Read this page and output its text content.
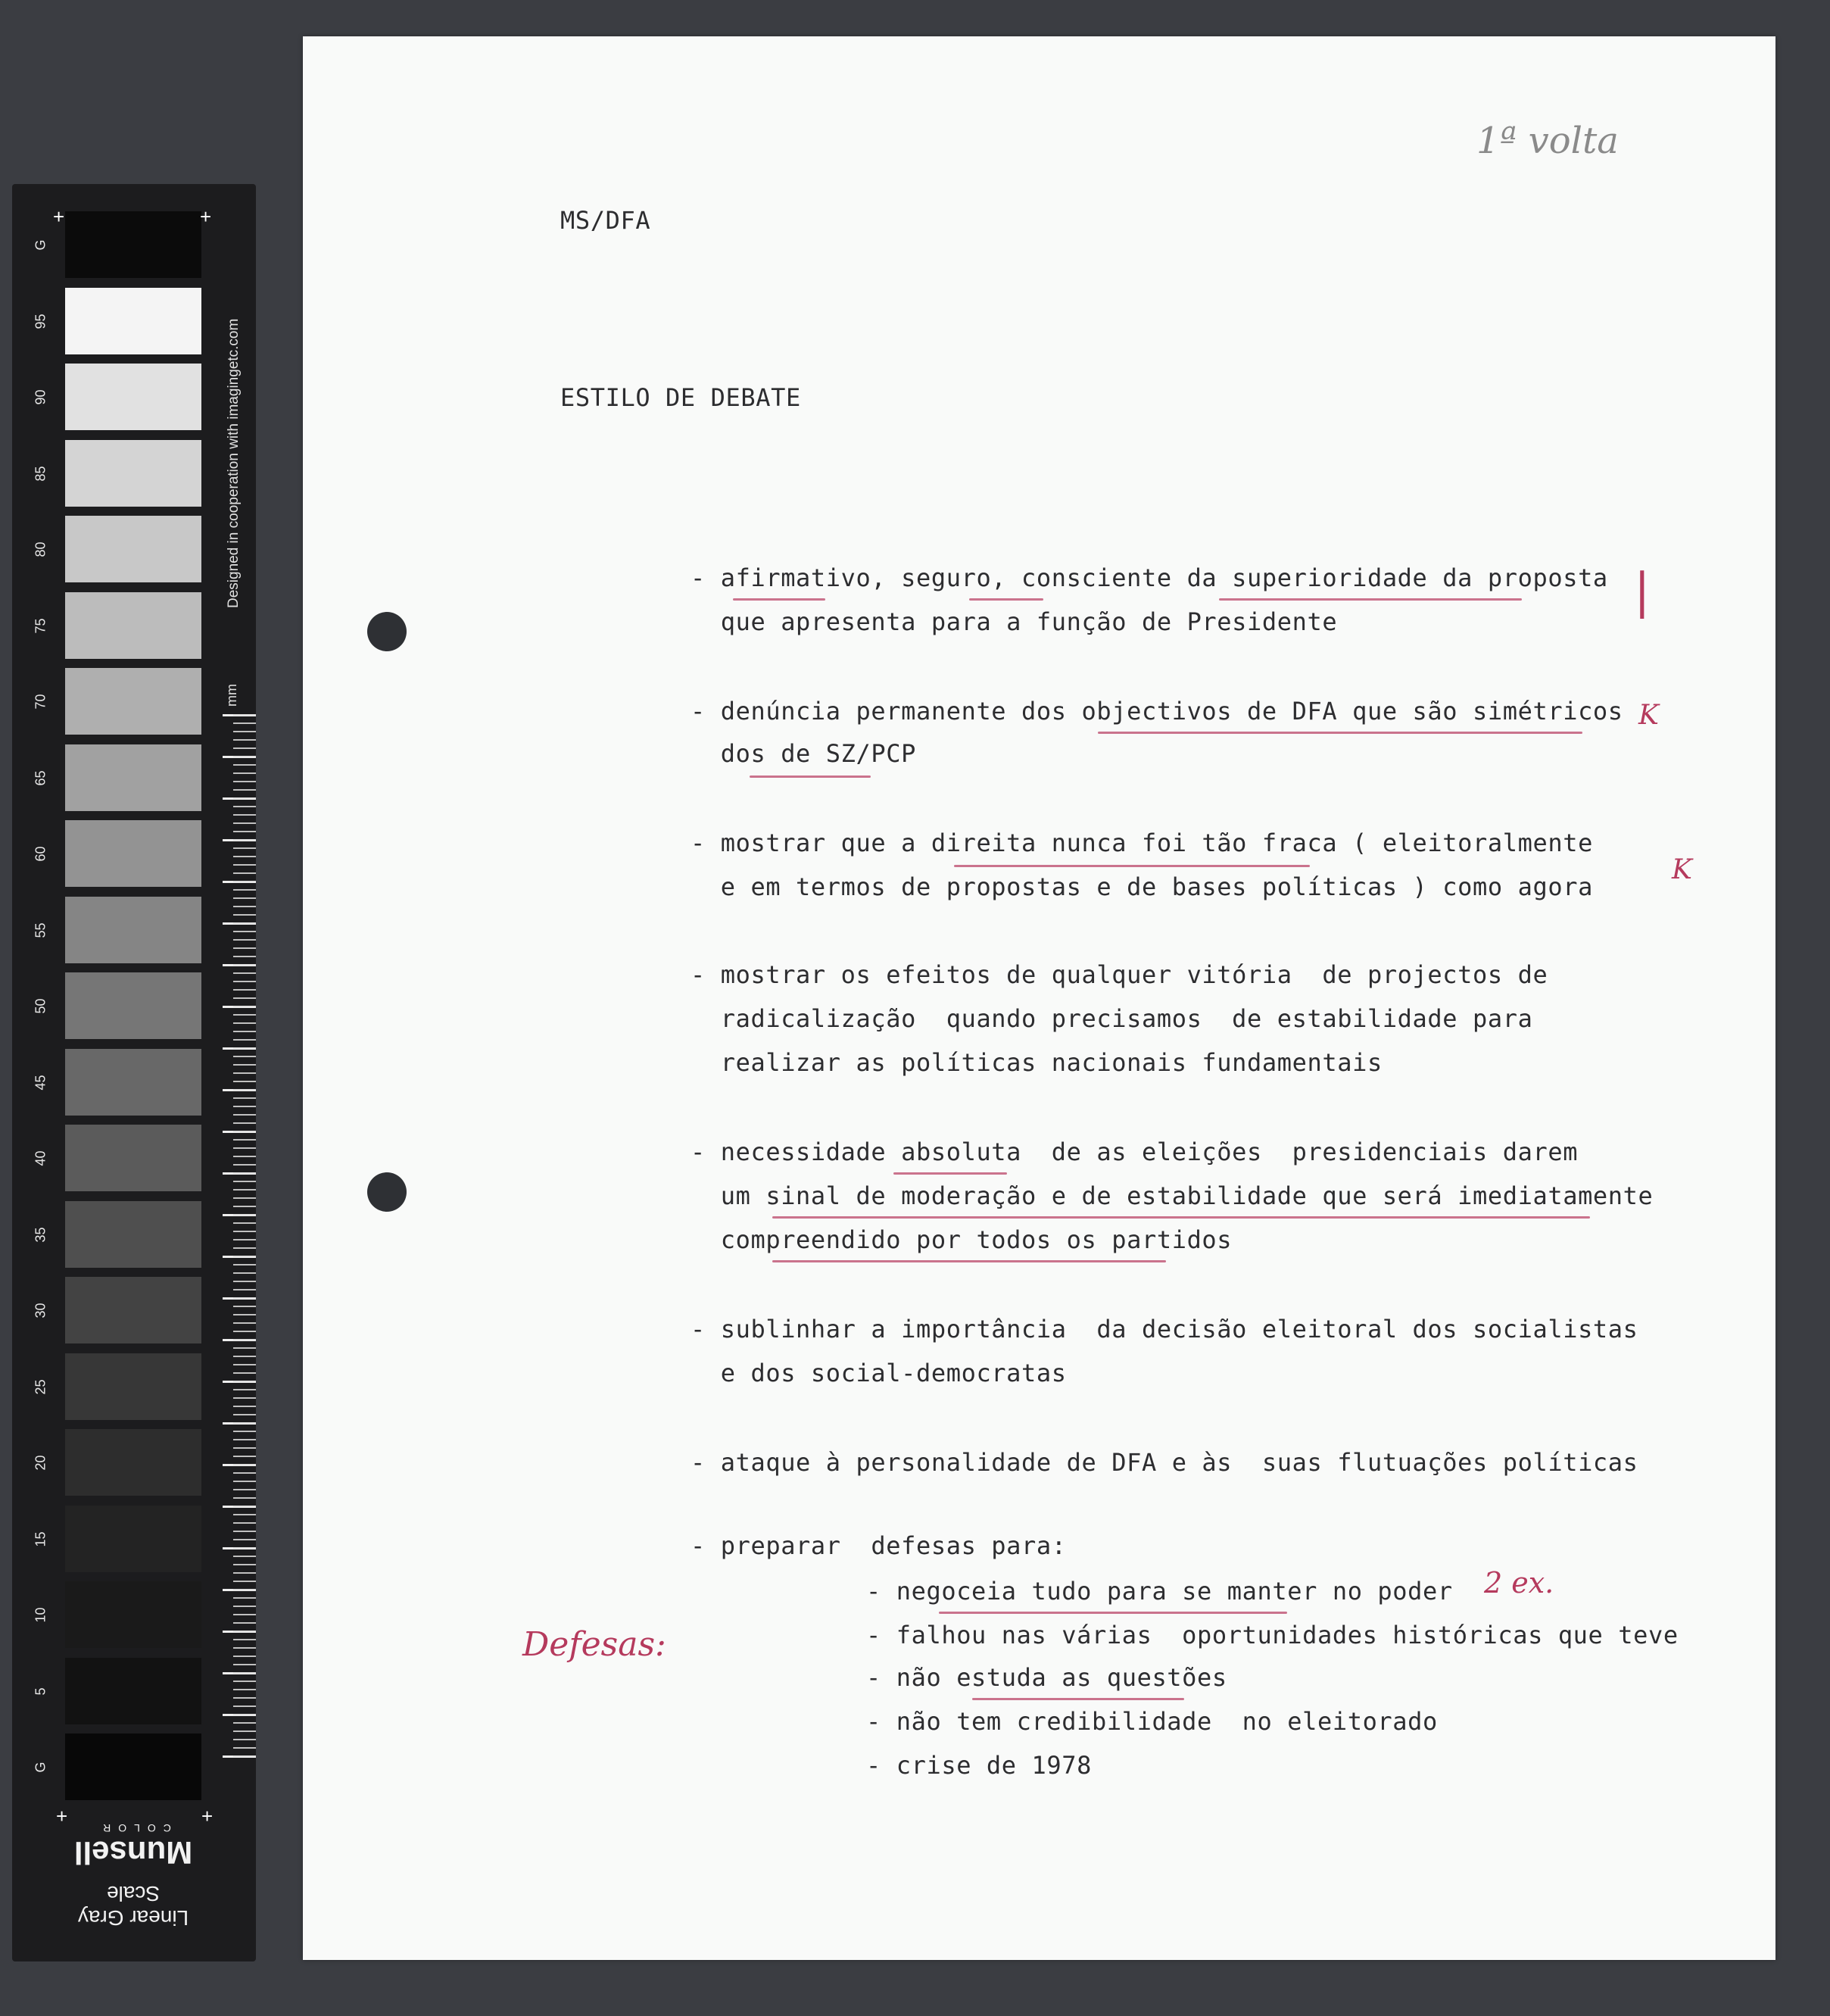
G
95
90
85
80
75
70
65
60
55
50
45
40
35
30
25
20
15
10
5
G
+	+
+	+
Designed in cooperation with imagingetc.com
mm
Linear Gray Scale
Munsell
COLOR
1ª volta
MS/DFA
ESTILO DE DEBATE
- afirmativo, seguro, consciente da superioridade da proposta
que apresenta para a função de Presidente
- denúncia permanente dos objectivos de DFA que são simétricos
dos de SZ/PCP
- mostrar que a direita nunca foi tão fraca ( eleitoralmente
e em termos de propostas e de bases políticas ) como agora
- mostrar os efeitos de qualquer vitória  de projectos de
radicalização  quando precisamos  de estabilidade para
realizar as políticas nacionais fundamentais
- necessidade absoluta  de as eleições  presidenciais darem
um sinal de moderação e de estabilidade que será imediatamente
compreendido por todos os partidos
- sublinhar a importância  da decisão eleitoral dos socialistas
e dos social-democratas
- ataque à personalidade de DFA e às  suas flutuações políticas
- preparar  defesas para:
- negoceia tudo para se manter no poder
- falhou nas várias  oportunidades históricas que teve
- não estuda as questões
- não tem credibilidade  no eleitorado
- crise de 1978
|
K
K
Defesas:
2 ex.
